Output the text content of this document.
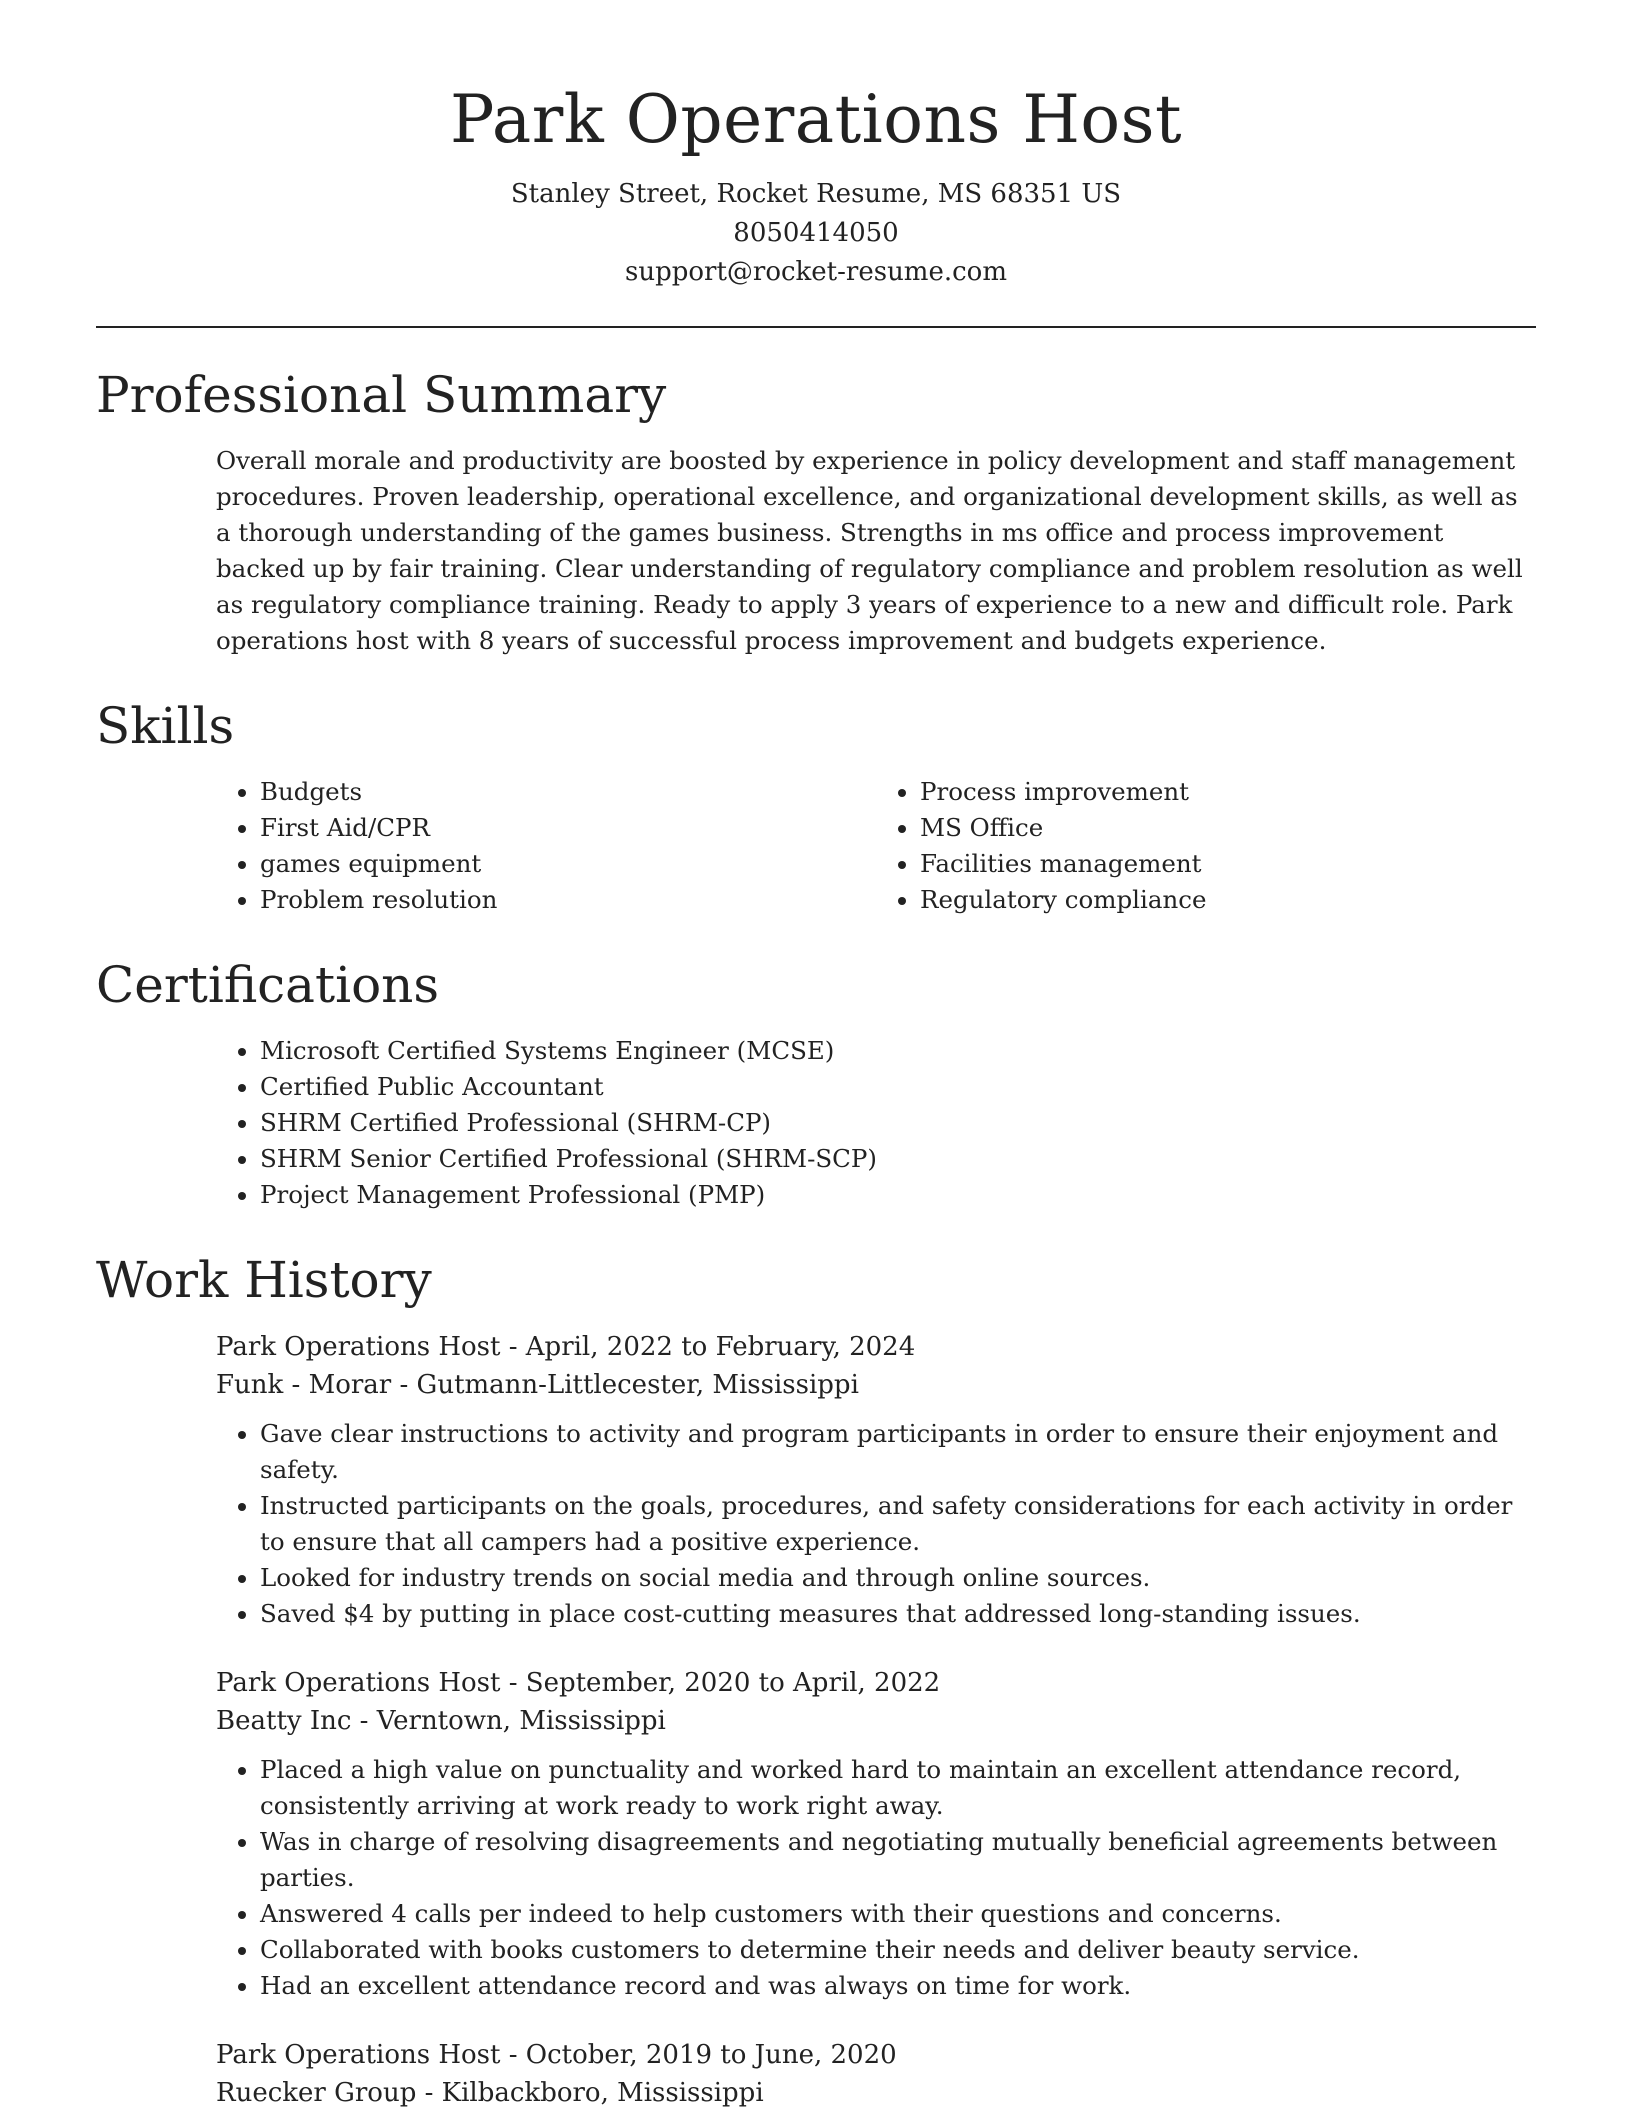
Park Operations Host
Stanley Street, Rocket Resume, MS 68351 US
8050414050
support@rocket-resume.com
Professional Summary

Overall morale and productivity are boosted by experience in policy development and staff management procedures. Proven leadership, operational excellence, and organizational development skills, as well as a thorough understanding of the games business. Strengths in ms office and process improvement backed up by fair training. Clear understanding of regulatory compliance and problem resolution as well as regulatory compliance training. Ready to apply 3 years of experience to a new and difficult role. Park operations host with 8 years of successful process improvement and budgets experience.

Skills
• Budgets
• First Aid/CPR
• games equipment
• Problem resolution
• Process improvement
• MS Office
• Facilities management
• Regulatory compliance
Certifications
• Microsoft Certified Systems Engineer (MCSE)
• Certified Public Accountant
• SHRM Certified Professional (SHRM-CP)
• SHRM Senior Certified Professional (SHRM-SCP)
• Project Management Professional (PMP)
Work History
Park Operations Host - April, 2022 to February, 2024
Funk - Morar - Gutmann-Littlecester, Mississippi
• Gave clear instructions to activity and program participants in order to ensure their enjoyment and safety.
• Instructed participants on the goals, procedures, and safety considerations for each activity in order to ensure that all campers had a positive experience.
• Looked for industry trends on social media and through online sources.
• Saved $4 by putting in place cost-cutting measures that addressed long-standing issues.
Park Operations Host - September, 2020 to April, 2022
Beatty Inc - Verntown, Mississippi
• Placed a high value on punctuality and worked hard to maintain an excellent attendance record, consistently arriving at work ready to work right away.
• Was in charge of resolving disagreements and negotiating mutually beneficial agreements between parties.
• Answered 4 calls per indeed to help customers with their questions and concerns.
• Collaborated with books customers to determine their needs and deliver beauty service.
• Had an excellent attendance record and was always on time for work.
Park Operations Host - October, 2019 to June, 2020
Ruecker Group - Kilbackboro, Mississippi
